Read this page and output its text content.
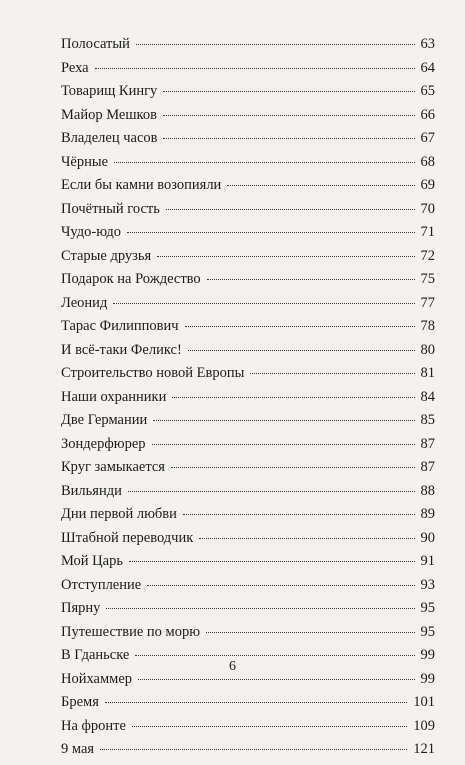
Полосатый	63
Реха	64
Товарищ Кингу	65
Майор Мешков	66
Владелец часов	67
Чёрные	68
Если бы камни возопияли	69
Почётный гость	70
Чудо-юдо	71
Старые друзья	72
Подарок на Рождество	75
Леонид	77
Тарас Филиппович	78
И всё-таки Феликс!	80
Строительство новой Европы	81
Наши охранники	84
Две Германии	85
Зондерфюрер	87
Круг замыкается	87
Вильянди	88
Дни первой любви	89
Штабной переводчик	90
Мой Царь	91
Отступление	93
Пярну	95
Путешествие по морю	95
В Гданьске	99
Нойхаммер	99
Бремя	101
На фронте	109
9 мая	121
6
